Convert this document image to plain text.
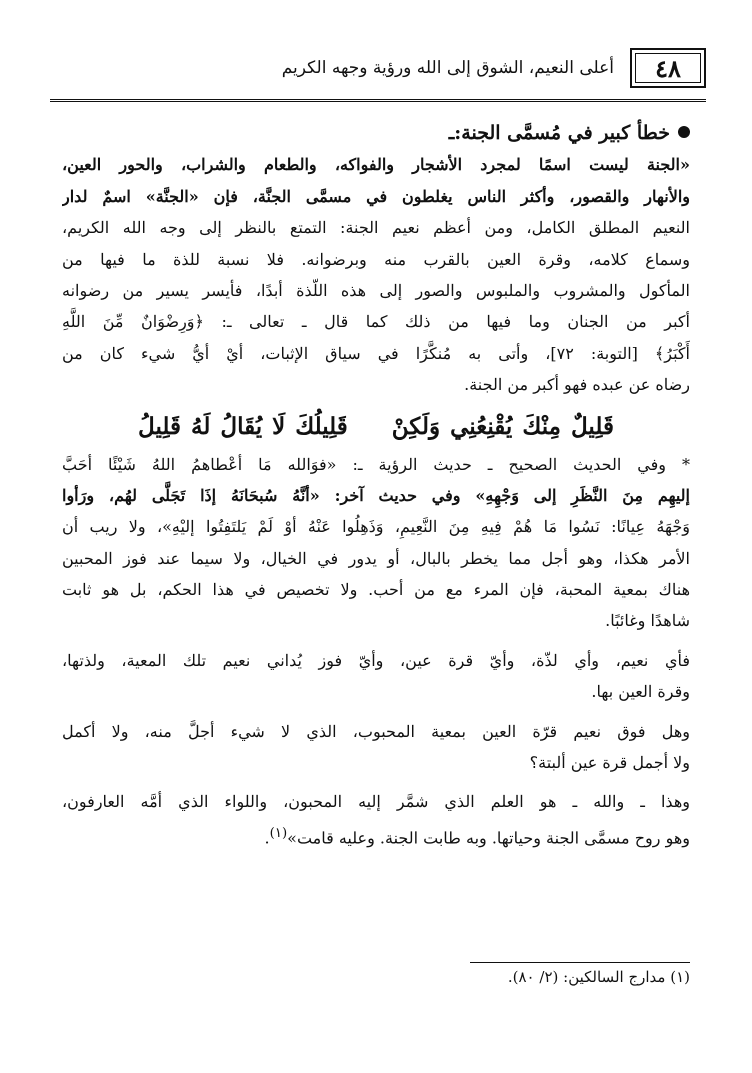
٤٨
أعلى النعيم، الشوق إلى الله ورؤية وجهه الكريم
خطأ كبير في مُسمَّى الجنة:ـ
«الجنة ليست اسمًا لمجرد الأشجار والفواكه، والطعام والشراب، والحور العين،
والأنهار والقصور، وأكثر الناس يغلطون في مسمَّى الجنَّة، فإن «الجنَّة» اسمٌ لدار
النعيم المطلق الكامل، ومن أعظم نعيم الجنة: التمتع بالنظر إلى وجه الله الكريم،
وسماع كلامه، وقرة العين بالقرب منه وبرضوانه. فلا نسبة للذة ما فيها من
المأكول والمشروب والملبوس والصور إلى هذه اللّذة أبدًا، فأيسر يسير من رضوانه
أكبر من الجنان وما فيها من ذلك كما قال ـ تعالى ـ: ﴿وَرِضْوَانٌ مِّنَ اللَّهِ
أَكْبَرُ﴾ [التوبة: ٧٢]، وأتى به مُنكَّرًا في سياق الإثبات، أيْ أيُّ شيء كان من
رضاه عن عبده فهو أكبر من الجنة.
قَلِيلٌ مِنْكَ يُقْنِعُنِي وَلَكِنْقَلِيلُكَ لَا يُقَالُ لَهُ قَلِيلُ
* وفي الحديث الصحيح ـ حديث الرؤية ـ: «فوَالله مَا أعْطاهمُ اللهُ شَيْئًا أحَبَّ
إليهِم مِنَ النَّظَرِ إلى وَجْهِهِ» وفي حديث آخر: «أنَّهُ سُبحَانَهُ إذَا تَجَلَّى لهُم، ورَأوا
وَجْهَهُ عِيانًا: نَسُوا مَا هُمْ فِيهِ مِنَ النَّعِيمِ، وَذَهِلُوا عَنْهُ أوْ لَمْ يَلتَفِتُوا إليْهِ»، ولا ريب أن
الأمر هكذا، وهو أجل مما يخطر بالبال، أو يدور في الخيال، ولا سيما عند فوز المحبين
هناك بمعية المحبة، فإن المرء مع من أحب. ولا تخصيص في هذا الحكم، بل هو ثابت
شاهدًا وغائبًا.
فأي نعيم، وأي لذّة، وأيّ قرة عين، وأيّ فوز يُداني نعيم تلك المعية، ولذتها،
وقرة العين بها.
وهل فوق نعيم قرّة العين بمعية المحبوب، الذي لا شيء أجلَّ منه، ولا أكمل
ولا أجمل قرة عين ألبتة؟
وهذا ـ والله ـ هو العلم الذي شمَّر إليه المحبون، واللواء الذي أمَّه العارفون،
وهو روح مسمَّى الجنة وحياتها. وبه طابت الجنة. وعليه قامت»$^{(١)}$.
(١) مدارج السالكين: (٢/ ٨٠).
